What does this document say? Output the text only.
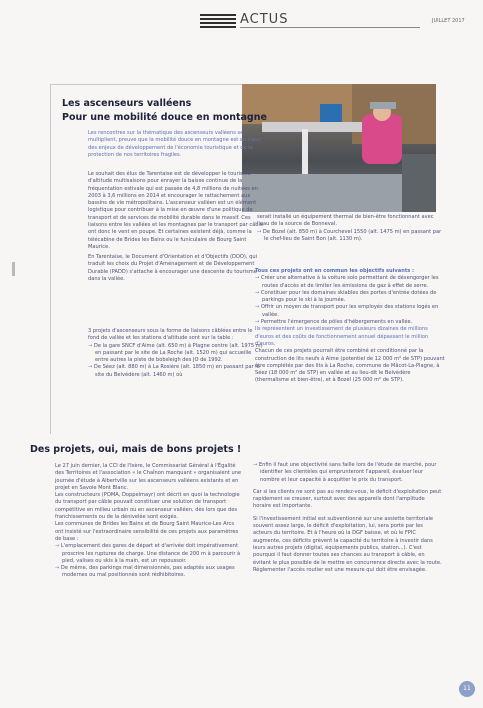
ACTUS	JUILLET 2017
Les ascenseurs valléens
Pour une mobilité douce en montagne

Les rencontres sur la thématique des ascenseurs valléens se multiplient, preuve que la mobilité douce en montagne est au cœur des enjeux de développement de l'économie touristique et de la protection de nos territoires fragiles.

Le souhait des élus de Tarentaise est de développer le tourisme d'altitude multisaisons pour enrayer la baisse continue de la fréquentation estivale qui est passée de 4,8 millions de nuitées en 2003 à 3,6 millions en 2014 et encourager le rattachement aux bassins de vie métropolitains. L'ascenseur valléen est un élément logistique pour contribuer à la mise en œuvre d'une politique de transport et de services de mobilité durable dans le massif. Ces liaisons entre les vallées et les montagnes par le transport par câble ont donc le vent en poupe. Et certaines existent déjà, comme la télécabine de Brides les Bains ou le funiculaire de Bourg Saint Maurice.

En Tarentaise, le Document d'Orientation et d'Objectifs (DOO), qui traduit les choix du Projet d'Aménagement et de Développement Durable (PADD) s'attache à encourager une descente du tourisme dans la vallée.

3 projets d'ascenseurs sous la forme de liaisons câblées entre le fond de vallée et les stations d'altitude sont sur la table :

→ De la gare SNCF d'Aime (alt. 650 m) à Plagne centre (alt. 1975 m) en passant par le site de La Roche (alt. 1520 m) qui accueille entre autres la piste de bobsleigh des JO de 1992.
→ De Séez (alt. 880 m) à La Rosière (alt. 1850 m) en passant par le site du Belvédère (alt. 1460 m) où
serait installé un équipement thermal de bien-être fonctionnant avec l'eau de la source de Bonneval.
→ De Bozel (alt. 850 m) à Courchevel 1550 (alt. 1475 m) en passant par le chef-lieu de Saint Bon (alt. 1130 m).

Tous ces projets ont en commun les objectifs suivants :

→ Créer une alternative à la voiture solo permettant de désengorger les routes d'accès et de limiter les émissions de gaz à effet de serre.
→ Constituer pour les domaines skiables des portes d'entrée dotées de parkings pour le ski à la journée.
→ Offrir un moyen de transport pour les employés des stations logés en vallée.
→ Permettre l'émergence de pôles d'hébergements en vallée.

Ils représentent un investissement de plusieurs dizaines de millions d'euros et des coûts de fonctionnement annuel dépassant le million d'euros.

Chacun de ces projets pourrait être combiné et conditionné par la construction de lits neufs à Aime (potentiel de 12 000 m² de STP) pouvant être complétés par des lits à La Roche, commune de Mâcot-La-Plagne, à Séez (18 000 m² de STP) en vallée et au lieu-dit le Belvédère (thermalisme et bien-être), et à Bozel (25 000 m² de STP).

Des projets, oui, mais de bons projets !

Le 27 juin dernier, la CCI de l'Isère, le Commissariat Général à l'Égalité des Territoires et l'association « le Chaînon manquant » organisaient une journée d'étude à Albertville sur les ascenseurs valléens existants et en projet en Savoie Mont Blanc.

Les constructeurs (POMA, Doppelmayr) ont décrit en quoi la technologie du transport par câble pouvait constituer une solution de transport compétitive en milieu urbain ou en ascenseur valléen, dès lors que des franchissements ou de la dénivelée sont exigés.

Les communes de Brides les Bains et de Bourg Saint Maurice-Les Arcs ont insisté sur l'extraordinaire sensibilité de ces projets aux paramètres de base :

→ L'emplacement des gares de départ et d'arrivée doit impérativement proscrire les ruptures de charge. Une distance de 200 m à parcourir à pied, valises ou skis à la main, est un repoussoir.
→ De même, des parkings mal dimensionnés, pas adaptés aux usages modernes ou mal positionnés sont rédhibitoires.
→ Enfin il faut une objectivité sans faille lors de l'étude de marché, pour identifier les clientèles qui emprunteront l'appareil, évaluer leur nombre et leur capacité à acquitter le prix du transport.

Car si les clients ne sont pas au rendez-vous, le déficit d'exploitation peut rapidement se creuser, surtout avec des appareils dont l'amplitude horaire est importante.

Si l'investissement initial est subventionné sur une assiette territoriale souvent assez large, le déficit d'exploitation, lui, sera porté par les acteurs du territoire. Et à l'heure où la DGF baisse, et où le FPIC augmente, ces déficits grèvent la capacité du territoire à investir dans leurs autres projets (digital, équipements publics, station...). C'est pourquoi il faut donner toutes ses chances au transport à câble, en évitant le plus possible de le mettre en concurrence directe avec la route. Réglementer l'accès routier est une mesure qui doit être envisagée.

11
